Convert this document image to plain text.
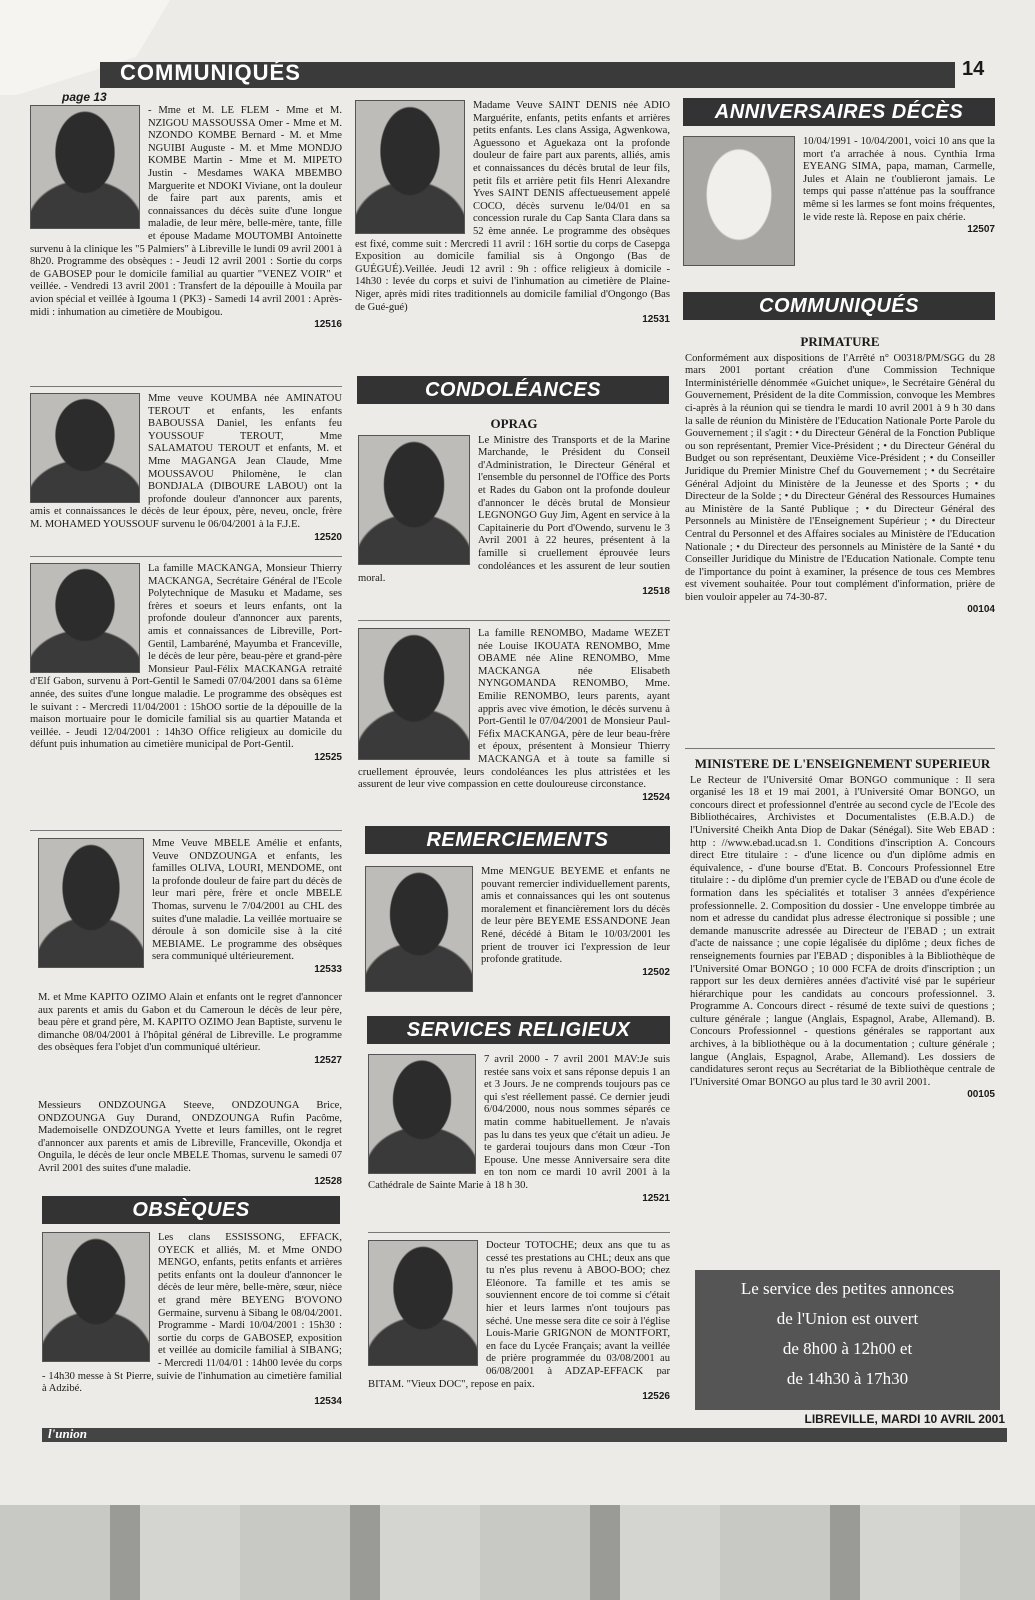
COMMUNIQUÉS	14
page 13

- Mme et M. LE FLEM - Mme et M. NZIGOU MASSOUSSA Omer - Mme et M. NZONDO KOMBE Bernard - M. et Mme NGUIBI Auguste - M. et Mme MONDJO KOMBE Martin - Mme et M. MIPETO Justin - Mesdames WAKA MBEMBO Marguerite et NDOKI Viviane, ont la douleur de faire part aux parents, amis et connaissances du décès suite d'une longue maladie, de leur mère, belle-mère, tante, fille et épouse Madame MOUTOMBI Antoinette survenu à la clinique les "5 Palmiers" à Libreville le lundi 09 avril 2001 à 8h20. Programme des obsèques : - Jeudi 12 avril 2001 : Sortie du corps de GABOSEP pour le domicile familial au quartier "VENEZ VOIR" et veillée. - Vendredi 13 avril 2001 : Transfert de la dépouille à Mouila par avion spécial et veillée à Igouma 1 (PK3) - Samedi 14 avril 2001 : Après-midi : inhumation au cimetière de Moubigou.

12516

Mme veuve KOUMBA née AMINATOU TEROUT et enfants, les enfants BABOUSSA Daniel, les enfants feu YOUSSOUF TEROUT, Mme SALAMATOU TEROUT et enfants, M. et Mme MAGANGA Jean Claude, Mme MOUSSAVOU Philomène, le clan BONDJALA (DIBOURE LABOU) ont la profonde douleur d'annoncer aux parents, amis et connaissances le décès de leur époux, père, neveu, oncle, frère M. MOHAMED YOUSSOUF survenu le 06/04/2001 à la F.J.E.

12520

La famille MACKANGA, Monsieur Thierry MACKANGA, Secrétaire Général de l'Ecole Polytechnique de Masuku et Madame, ses frères et soeurs et leurs enfants, ont la profonde douleur d'annoncer aux parents, amis et connaissances de Libreville, Port-Gentil, Lambaréné, Mayumba et Franceville, le décès de leur père, beau-père et grand-père Monsieur Paul-Félix MACKANGA retraité d'Elf Gabon, survenu à Port-Gentil le Samedi 07/04/2001 dans sa 61ème année, des suites d'une longue maladie. Le programme des obsèques est le suivant : - Mercredi 11/04/2001 : 15hOO sortie de la dépouille de la maison mortuaire pour le domicile familial sis au quartier Matanda et veillée. - Jeudi 12/04/2001 : 14h3O Office religieux au domicile du défunt puis inhumation au cimetière municipal de Port-Gentil.

12525

Mme Veuve MBELE Amélie et enfants, Veuve ONDZOUNGA et enfants, les familles OLIVA, LOURI, MENDOME, ont la profonde douleur de faire part du décès de leur mari père, frère et oncle MBELE Thomas, survenu le 7/04/2001 au CHL des suites d'une maladie. La veillée mortuaire se déroule à son domicile sise à la cité MEBIAME. Le programme des obsèques sera communiqué ultérieurement.

12533

M. et Mme KAPITO OZIMO Alain et enfants ont le regret d'annoncer aux parents et amis du Gabon et du Cameroun le décès de leur père, beau père et grand père, M. KAPITO OZIMO Jean Baptiste, survenu le dimanche 08/04/2001 à l'hôpital général de Libreville. Le programme des obsèques fera l'objet d'un communiqué ultérieur.

12527

Messieurs ONDZOUNGA Steeve, ONDZOUNGA Brice, ONDZOUNGA Guy Durand, ONDZOUNGA Rufin Pacôme, Mademoiselle ONDZOUNGA Yvette et leurs familles, ont le regret d'annoncer aux parents et amis de Libreville, Franceville, Okondja et Onguila, le décès de leur oncle MBELE Thomas, survenu le samedi 07 Avril 2001 des suites d'une maladie.

12528
OBSÈQUES

Les clans ESSISSONG, EFFACK, OYECK et alliés, M. et Mme ONDO MENGO, enfants, petits enfants et arrières petits enfants ont la douleur d'annoncer le décès de leur mère, belle-mère, sœur, nièce et grand mère BEYENG B'OVONO Germaine, survenu à Sibang le 08/04/2001. Programme - Mardi 10/04/2001 : 15h30 : sortie du corps de GABOSEP, exposition et veillée au domicile familial à SIBANG; - Mercredi 11/04/01 : 14h00 levée du corps - 14h30 messe à St Pierre, suivie de l'inhumation au cimetière familial à Adzibé.

12534

Madame Veuve SAINT DENIS née ADIO Marguérite, enfants, petits enfants et arrières petits enfants. Les clans Assiga, Agwenkowa, Aguessono et Aguekaza ont la profonde douleur de faire part aux parents, alliés, amis et connaissances du décès brutal de leur fils, petit fils et arrière petit fils Henri Alexandre Yves SAINT DENIS affectueusement appelé COCO, décès survenu le/04/01 en sa concession rurale du Cap Santa Clara dans sa 52 ème année. Le programme des obsèques est fixé, comme suit : Mercredi 11 avril : 16H sortie du corps de Casepga Exposition au domicile familial sis à Ongongo (Bas de GUÉGUÉ).Veillée. Jeudi 12 avril : 9h : office religieux à domicile - 14h30 : levée du corps et suivi de l'inhumation au cimetière de Plaine-Niger, après midi rites traditionnels au domicile familial d'Ongongo (Bas de Gué-gué)

12531
CONDOLÉANCES
OPRAG

Le Ministre des Transports et de la Marine Marchande, le Président du Conseil d'Administration, le Directeur Général et l'ensemble du personnel de l'Office des Ports et Rades du Gabon ont la profonde douleur d'annoncer le décès brutal de Monsieur LEGNONGO Guy Jim, Agent en service à la Capitainerie du Port d'Owendo, survenu le 3 Avril 2001 à 22 heures, présentent à la famille si cruellement éprouvée leurs condoléances et les assurent de leur soutien moral.

12518

La famille RENOMBO, Madame WEZET née Louise IKOUATA RENOMBO, Mme OBAME née Aline RENOMBO, Mme MACKANGA née Elisabeth NYNGOMANDA RENOMBO, Mme. Emilie RENOMBO, leurs parents, ayant appris avec vive émotion, le décès survenu à Port-Gentil le 07/04/2001 de Monsieur Paul-Féfix MACKANGA, père de leur beau-frère et époux, présentent à Monsieur Thierry MACKANGA et à toute sa famille si cruellement éprouvée, leurs condoléances les plus attristées et les assurent de leur vive compassion en cette douloureuse circonstance.

12524
REMERCIEMENTS

Mme MENGUE BEYEME et enfants ne pouvant remercier individuellement parents, amis et connaissances qui les ont soutenus moralement et financièrement lors du décès de leur père BEYEME ESSANDONE Jean René, décédé à Bitam le 10/03/2001 les prient de trouver ici l'expression de leur profonde gratitude.

12502
SERVICES RELIGIEUX

7 avril 2000 - 7 avril 2001 MAV:Je suis restée sans voix et sans réponse depuis 1 an et 3 Jours. Je ne comprends toujours pas ce qui s'est réellement passé. Ce dernier jeudi 6/04/2000, nous nous sommes séparés ce matin comme habituellement. Je n'avais pas lu dans tes yeux que c'était un adieu. Je te garderai toujours dans mon Cœur -Ton Epouse. Une messe Anniversaire sera dite en ton nom ce mardi 10 avril 2001 à la Cathédrale de Sainte Marie à 18 h 30.

12521

Docteur TOTOCHE; deux ans que tu as cessé tes prestations au CHL; deux ans que tu n'es plus revenu à ABOO-BOO; chez Eléonore. Ta famille et tes amis se souviennent encore de toi comme si c'était hier et leurs larmes n'ont toujours pas séché. Une messe sera dite ce soir à l'église Louis-Marie GRIGNON de MONTFORT, en face du Lycée Français; avant la veillée de prière programmée du 03/08/2001 au 06/08/2001 à ADZAP-EFFACK par BITAM. "Vieux DOC", repose en paix.

12526
ANNIVERSAIRES DÉCÈS

10/04/1991 - 10/04/2001, voici 10 ans que la mort t'a arrachée à nous. Cynthia Irma EYEANG SIMA, papa, maman, Carmelle, Jules et Alain ne t'oublieront jamais. Le temps qui passe n'atténue pas la souffrance même si les larmes se font moins fréquentes, le vide reste là. Repose en paix chérie.

12507
COMMUNIQUÉS
PRIMATURE

Conformément aux dispositions de l'Arrêté n° O0318/PM/SGG du 28 mars 2001 portant création d'une Commission Technique Interministérielle dénommée «Guichet unique», le Secrétaire Général du Gouvernement, Président de la dite Commission, convoque les Membres ci-après à la réunion qui se tiendra le mardi 10 avril 2001 à 9 h 30 dans la salle de réunion du Ministère de l'Education Nationale Porte Parole du Gouvernement ; il s'agit : • du Directeur Général de la Fonction Publique ou son représentant, Premier Vice-Président ; • du Directeur Général du Budget ou son représentant, Deuxième Vice-Président ; • du Conseiller Juridique du Premier Ministre Chef du Gouvernement ; • du Secrétaire Général Adjoint du Ministère de la Jeunesse et des Sports ; • du Directeur de la Solde ; • du Directeur Général des Ressources Humaines au Ministère de la Santé Publique ; • du Directeur Général des Personnels au Ministère de l'Enseignement Supérieur ; • du Directeur Central du Personnel et des Affaires sociales au Ministère de l'Education Nationale ; • du Directeur des personnels au Ministère de la Santé • du Conseiller Juridique du Ministre de l'Education Nationale. Compte tenu de l'importance du point à examiner, la présence de tous ces Membres est vivement souhaitée. Pour tout complément d'information, prière de bien vouloir appeler au 74-30-87.

00104
MINISTERE DE L'ENSEIGNEMENT SUPERIEUR

Le Recteur de l'Université Omar BONGO communique : Il sera organisé les 18 et 19 mai 2001, à l'Université Omar BONGO, un concours direct et professionnel d'entrée au second cycle de l'Ecole des Bibliothécaires, Archivistes et Documentalistes (E.B.A.D.) de l'Université Cheikh Anta Diop de Dakar (Sénégal). Site Web EBAD : http : //www.ebad.ucad.sn 1. Conditions d'inscription A. Concours direct Etre titulaire : - d'une licence ou d'un diplôme admis en équivalence, - d'une bourse d'Etat. B. Concours Professionnel Etre titulaire : - du diplôme d'un premier cycle de l'EBAD ou d'une école de formation dans les spécialités et totaliser 3 années d'expérience professionnelle. 2. Composition du dossier - Une enveloppe timbrée au nom et adresse du candidat plus adresse électronique si possible ; une demande manuscrite adressée au Directeur de l'EBAD ; un extrait d'acte de naissance ; une copie légalisée du diplôme ; deux fiches de renseignements fournies par l'EBAD ; disponibles à la Bibliothèque de l'Université Omar BONGO ; 10 000 FCFA de droits d'inscription ; un rapport sur les deux dernières années d'activité visé par le supérieur hiérarchique pour les candidats au concours professionnel. 3. Programme A. Concours direct - résumé de texte suivi de questions ; culture générale ; langue (Anglais, Espagnol, Arabe, Allemand). B. Concours Professionnel - questions générales se rapportant aux archives, à la bibliothèque ou à la documentation ; culture générale ; langue (Anglais, Espagnol, Arabe, Allemand). Les dossiers de candidatures seront reçus au Secrétariat de la Bibliothèque centrale de l'Université Omar BONGO au plus tard le 30 avril 2001.

00105
Le service des petites annonces
de l'Union est ouvert
de 8h00 à 12h00 et
de 14h30 à 17h30
l'union
LIBREVILLE, MARDI 10 AVRIL 2001
